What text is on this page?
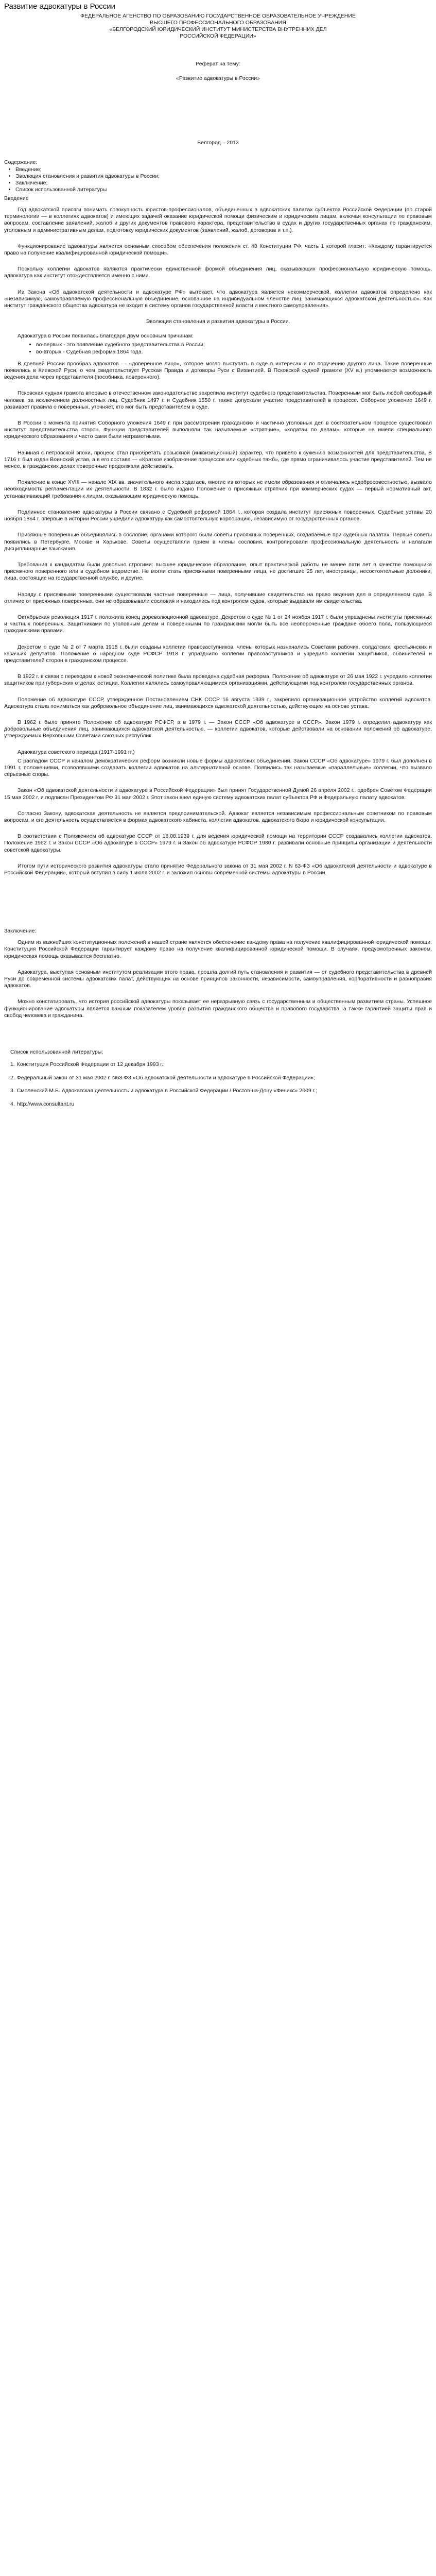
Развитие адвокатуры в России
ФЕДЕРАЛЬНОЕ АГЕНСТВО ПО ОБРАЗОВАНИЮ ГОСУДАРСТВЕННОЕ ОБРАЗОВАТЕЛЬНОЕ УЧРЕЖДЕНИЕ
ВЫСШЕГО ПРОФЕССИОНАЛЬНОГО ОБРАЗОВАНИЯ
«БЕЛГОРОДСКИЙ ЮРИДИЧЕСКИЙ ИНСТИТУТ МИНИСТЕРСТВА ВНУТРЕННИХ ДЕЛ
РОССИЙСКОЙ ФЕДЕРАЦИИ»

Реферат на тему:

«Развитие адвокатуры в России»

Белгород – 2013
Содержание:
• Введение;
• Эволюция становления и развития адвокатуры в России;
• Заключение;
• Список использованной литературы
Введение

Год адвокатской присяги понимать совокупность юристов-профессионалов, объединенных в адвокатских палатах субъектов Российской Федерации (по старой терминологии — в коллегиях адвокатов) и имеющих задачей оказание юридической помощи физическим и юридическим лицам, включая консультации по правовым вопросам, составление заявлений, жалоб и других документов правового характера, представительство в судах и других государственных органах по гражданским, уголовным и административным делам, подготовку юридических документов (заявлений, жалоб, договоров и т.п.).

Функционирование адвокатуры является основным способом обеспечения положения ст. 48 Конституции РФ, часть 1 которой гласит: «Каждому гарантируется право на получение квалифицированной юридической помощи».

Поскольку коллегии адвокатов являются практически единственной формой объединения лиц, оказывающих профессиональную юридическую помощь, адвокатура как институт отождествляется именно с ними.

Из Закона «Об адвокатской деятельности и адвокатуре РФ» вытекает, что адвокатура является некоммерческой, коллегии адвокатов определено как «независимую, самоуправляемую профессиональную объединение, основанное на индивидуальном членстве лиц, занимающихся адвокатской деятельностью». Как институт гражданского общества адвокатура не входит в систему органов государственной власти и местного самоуправления».

Эволюция становления и развития адвокатуры в России.

Адвокатура в России появилась благодаря двум основным причинам:

• во-первых - это появление судебного представительства в России;
• во-вторых - Судебная реформа 1864 года.

В древней России прообраз адвокатов — «доверенное лицо», которое могло выступать в суде в интересах и по поручению другого лица. Такие поверенные появились в Киевской Руси, о чем свидетельствует Русская Правда и договоры Руси с Византией. В Псковской судной грамоте (XV в.) упоминается возможность ведения дела через представителя (пособника, поверенного).

Псковская судная грамота впервые в отечественном законодательстве закрепила институт судебного представительства. Поверенным мог быть любой свободный человек, за исключением должностных лиц. Судебник 1497 г. и Судебник 1550 г. также допускали участие представителей в процессе. Соборное уложение 1649 г. развивает правила о поверенных, уточняет, кто мог быть представителем в суде.

В России с момента принятия Соборного уложения 1649 г. при рассмотрении гражданских и частично уголовных дел в состязательном процессе существовал институт представительства сторон. Функции представителей выполняли так называемые «стряпчие», «ходатаи по делам», которые не имели специального юридического образования и часто сами были неграмотными.

Начиная с петровской эпохи, процесс стал приобретать розыскной (инквизиционный) характер, что привело к сужению возможностей для представительства. В 1716 г. был издан Воинский устав, а в его составе — «Краткое изображение процессов или судебных тяжб», где прямо ограничивалось участие представителей. Тем не менее, в гражданских делах поверенные продолжали действовать.

Появление в конце XVIII — начале XIX вв. значительного числа ходатаев, многие из которых не имели образования и отличались недобросовестностью, вызвало необходимость регламентации их деятельности. В 1832 г. было издано Положение о присяжных стряпчих при коммерческих судах — первый нормативный акт, устанавливающий требования к лицам, оказывающим юридическую помощь.

Подлинное становление адвокатуры в России связано с Судебной реформой 1864 г., которая создала институт присяжных поверенных. Судебные уставы 20 ноября 1864 г. впервые в истории России учредили адвокатуру как самостоятельную корпорацию, независимую от государственных органов.

Присяжные поверенные объединялись в сословие, органами которого были советы присяжных поверенных, создаваемые при судебных палатах. Первые советы появились в Петербурге, Москве и Харькове. Советы осуществляли прием в члены сословия, контролировали профессиональную деятельность и налагали дисциплинарные взыскания.

Требования к кандидатам были довольно строгими: высшее юридическое образование, опыт практической работы не менее пяти лет в качестве помощника присяжного поверенного или в судебном ведомстве. Не могли стать присяжными поверенными лица, не достигшие 25 лет, иностранцы, несостоятельные должники, лица, состоящие на государственной службе, и другие.

Наряду с присяжными поверенными существовали частные поверенные — лица, получившие свидетельство на право ведения дел в определенном суде. В отличие от присяжных поверенных, они не образовывали сословия и находились под контролем судов, которые выдавали им свидетельства.

Октябрьская революция 1917 г. положила конец дореволюционной адвокатуре. Декретом о суде № 1 от 24 ноября 1917 г. были упразднены институты присяжных и частных поверенных. Защитниками по уголовным делам и поверенными по гражданским могли быть все неопороченные граждане обоего пола, пользующиеся гражданскими правами.

Декретом о суде № 2 от 7 марта 1918 г. были созданы коллегии правозаступников, члены которых назначались Советами рабочих, солдатских, крестьянских и казачьих депутатов. Положение о народном суде РСФСР 1918 г. упразднило коллегии правозаступников и учредило коллегии защитников, обвинителей и представителей сторон в гражданском процессе.

В 1922 г. в связи с переходом к новой экономической политике была проведена судебная реформа. Положение об адвокатуре от 26 мая 1922 г. учредило коллегии защитников при губернских отделах юстиции. Коллегии являлись самоуправляющимися организациями, действующими под контролем государственных органов.

Положение об адвокатуре СССР, утвержденное Постановлением СНК СССР 16 августа 1939 г., закрепило организационное устройство коллегий адвокатов. Адвокатура стала пониматься как добровольное объединение лиц, занимающихся адвокатской деятельностью, действующее на основе устава.

В 1962 г. было принято Положение об адвокатуре РСФСР, а в 1979 г. — Закон СССР «Об адвокатуре в СССР». Закон 1979 г. определил адвокатуру как добровольные объединения лиц, занимающихся адвокатской деятельностью, — коллегии адвокатов, которые действовали на основании положений об адвокатуре, утверждаемых Верховными Советами союзных республик.

Адвокатура советского периода (1917-1991 гг.)

С распадом СССР и началом демократических реформ возникли новые формы адвокатских объединений. Закон СССР «Об адвокатуре» 1979 г. был дополнен в 1991 г. положениями, позволявшими создавать коллегии адвокатов на альтернативной основе. Появились так называемые «параллельные» коллегии, что вызвало серьезные споры.

Закон «Об адвокатской деятельности и адвокатуре в Российской Федерации» был принят Государственной Думой 26 апреля 2002 г., одобрен Советом Федерации 15 мая 2002 г. и подписан Президентом РФ 31 мая 2002 г. Этот закон ввел единую систему адвокатских палат субъектов РФ и Федеральную палату адвокатов.

Согласно Закону, адвокатская деятельность не является предпринимательской. Адвокат является независимым профессиональным советником по правовым вопросам, и его деятельность осуществляется в формах адвокатского кабинета, коллегии адвокатов, адвокатского бюро и юридической консультации.

В соответствии с Положением об адвокатуре СССР от 16.08.1939 г. для ведения юридической помощи на территории СССР создавались коллегии адвокатов. Положение 1962 г. и Закон СССР «Об адвокатуре в СССР» 1979 г. и Закон об адвокатуре РСФСР 1980 г. развивали основные принципы организации и деятельности советской адвокатуры.

Итогом пути исторического развития адвокатуры стало принятие Федерального закона от 31 мая 2002 г. N 63-ФЗ «Об адвокатской деятельности и адвокатуре в Российской Федерации», который вступил в силу 1 июля 2002 г. и заложил основы современной системы адвокатуры в России.

Заключение:

Одним из важнейших конституционных положений в нашей стране является обеспечение каждому права на получение квалифицированной юридической помощи. Конституция Российской Федерации гарантирует каждому право на получение квалифицированной юридической помощи. В случаях, предусмотренных законом, юридическая помощь оказывается бесплатно.

Адвокатура, выступая основным институтом реализации этого права, прошла долгий путь становления и развития — от судебного представительства в древней Руси до современной системы адвокатских палат, действующих на основе принципов законности, независимости, самоуправления, корпоративности и равноправия адвокатов.

Можно констатировать, что история российской адвокатуры показывает ее неразрывную связь с государственным и общественным развитием страны. Успешное функционирование адвокатуры является важным показателем уровня развития гражданского общества и правового государства, а также гарантией защиты прав и свобод человека и гражданина.

Список использованной литературы:
1. Конституция Российской Федерации от 12 декабря 1993 г.;
2. Федеральный закон от 31 мая 2002 г. N63-ФЗ «Об адвокатской деятельности и адвокатуре в Российской Федерации»;
3. Смоленский М.Б. Адвокатская деятельность и адвокатура в Российской Федерации / Ростов-на-Дону «Феникс» 2009 г.;
4. http://www.consultant.ru
